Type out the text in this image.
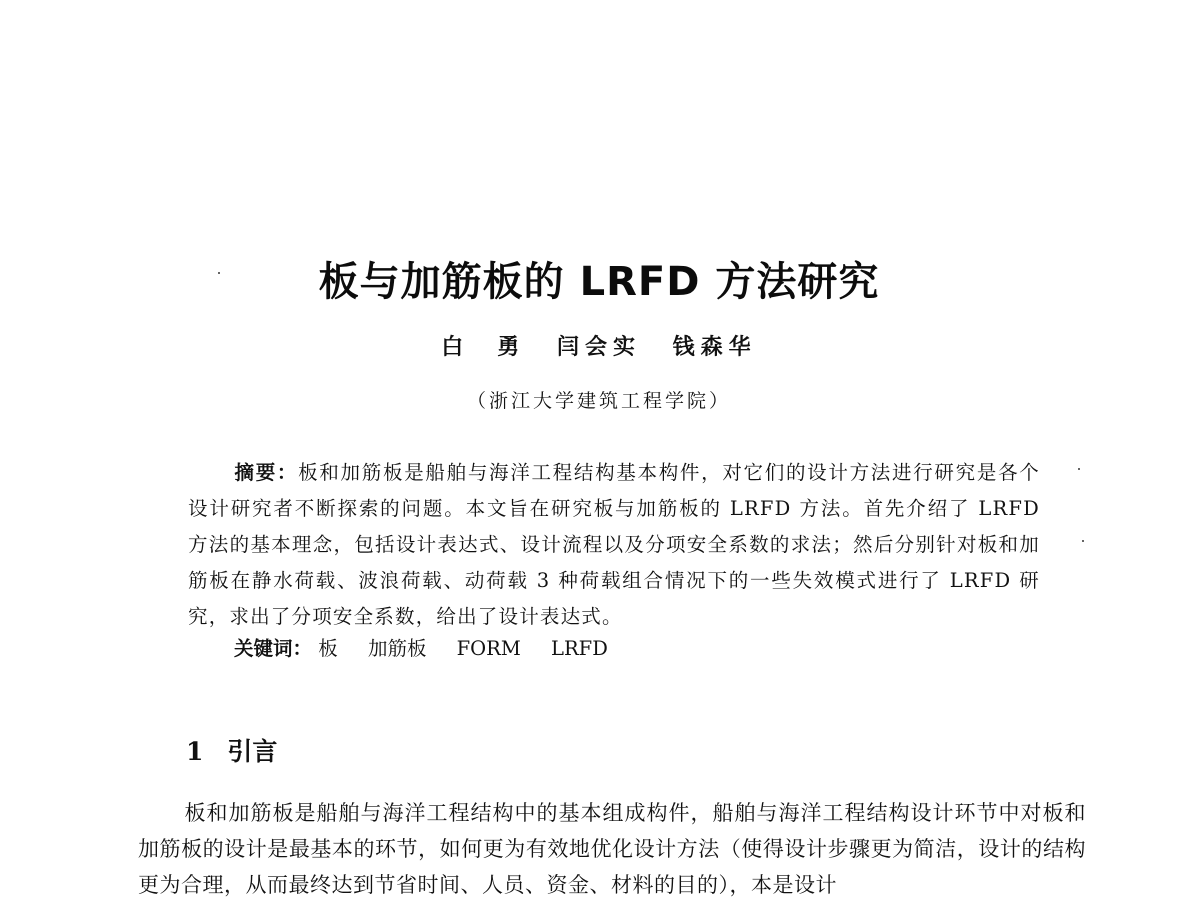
板与加筋板的 LRFD 方法研究
白　勇 闫会实 钱森华
（浙江大学建筑工程学院）
摘要：板和加筋板是船舶与海洋工程结构基本构件，对它们的设计方法进行研究是各个设计研究者不断探索的问题。本文旨在研究板与加筋板的 LRFD 方法。首先介绍了 LRFD 方法的基本理念，包括设计表达式、设计流程以及分项安全系数的求法；然后分别针对板和加筋板在静水荷载、波浪荷载、动荷载 3 种荷载组合情况下的一些失效模式进行了 LRFD 研究，求出了分项安全系数，给出了设计表达式。
关键词： 板 加筋板 FORM LRFD
1 引言
板和加筋板是船舶与海洋工程结构中的基本组成构件，船舶与海洋工程结构设计环节中对板和加筋板的设计是最基本的环节，如何更为有效地优化设计方法（使得设计步骤更为简洁，设计的结构更为合理，从而最终达到节省时间、人员、资金、材料的目的），本是设计
